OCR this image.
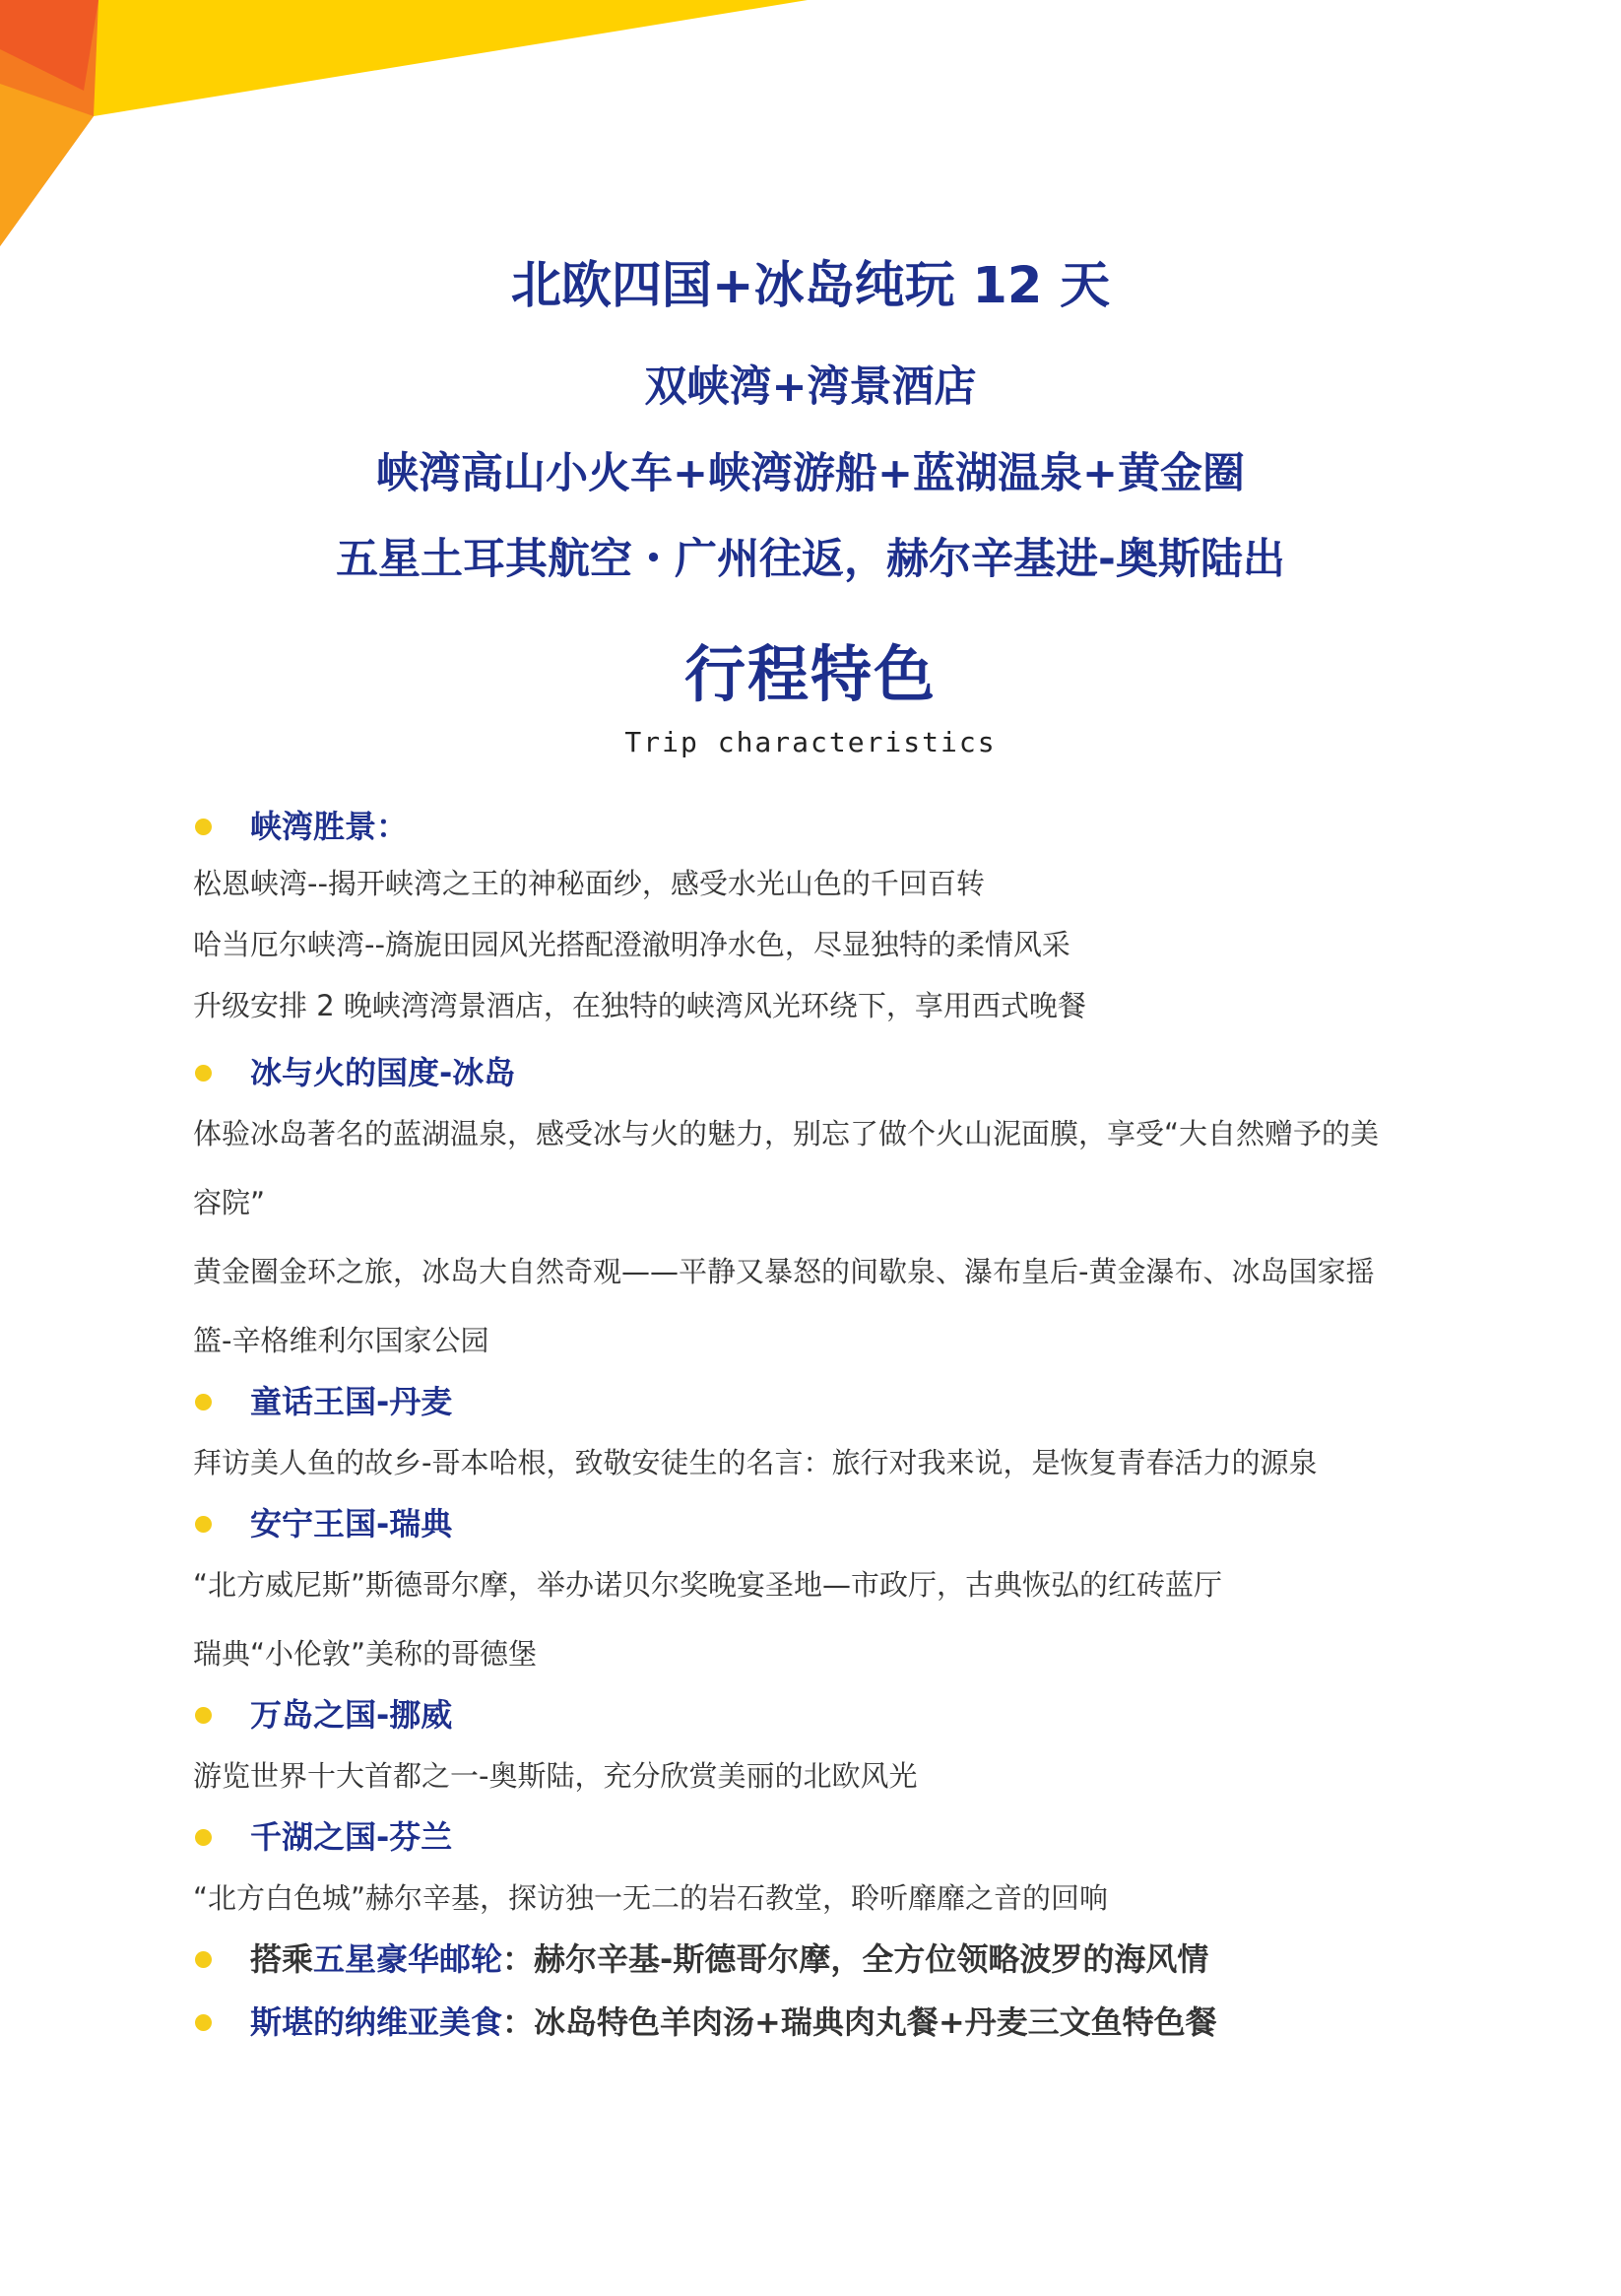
北欧四国+冰岛纯玩 12 天
双峡湾+湾景酒店
峡湾高山小火车+峡湾游船+蓝湖温泉+黄金圈
五星土耳其航空・广州往返，赫尔辛基进-奥斯陆出
行程特色
Trip characteristics
峡湾胜景：
松恩峡湾--揭开峡湾之王的神秘面纱，感受水光山色的千回百转
哈当厄尔峡湾--旖旎田园风光搭配澄澈明净水色，尽显独特的柔情风采
升级安排 2 晚峡湾湾景酒店，在独特的峡湾风光环绕下，享用西式晚餐
冰与火的国度-冰岛
体验冰岛著名的蓝湖温泉，感受冰与火的魅力，别忘了做个火山泥面膜，享受“大自然赠予的美
容院”
黄金圈金环之旅，冰岛大自然奇观——平静又暴怒的间歇泉、瀑布皇后-黄金瀑布、冰岛国家摇
篮-辛格维利尔国家公园
童话王国-丹麦
拜访美人鱼的故乡-哥本哈根，致敬安徒生的名言：旅行对我来说，是恢复青春活力的源泉
安宁王国-瑞典
“北方威尼斯”斯德哥尔摩，举办诺贝尔奖晚宴圣地—市政厅，古典恢弘的红砖蓝厅
瑞典“小伦敦”美称的哥德堡
万岛之国-挪威
游览世界十大首都之一-奥斯陆，充分欣赏美丽的北欧风光
千湖之国-芬兰
“北方白色城”赫尔辛基，探访独一无二的岩石教堂，聆听靡靡之音的回响
搭乘五星豪华邮轮：赫尔辛基-斯德哥尔摩，全方位领略波罗的海风情
斯堪的纳维亚美食：冰岛特色羊肉汤+瑞典肉丸餐+丹麦三文鱼特色餐
